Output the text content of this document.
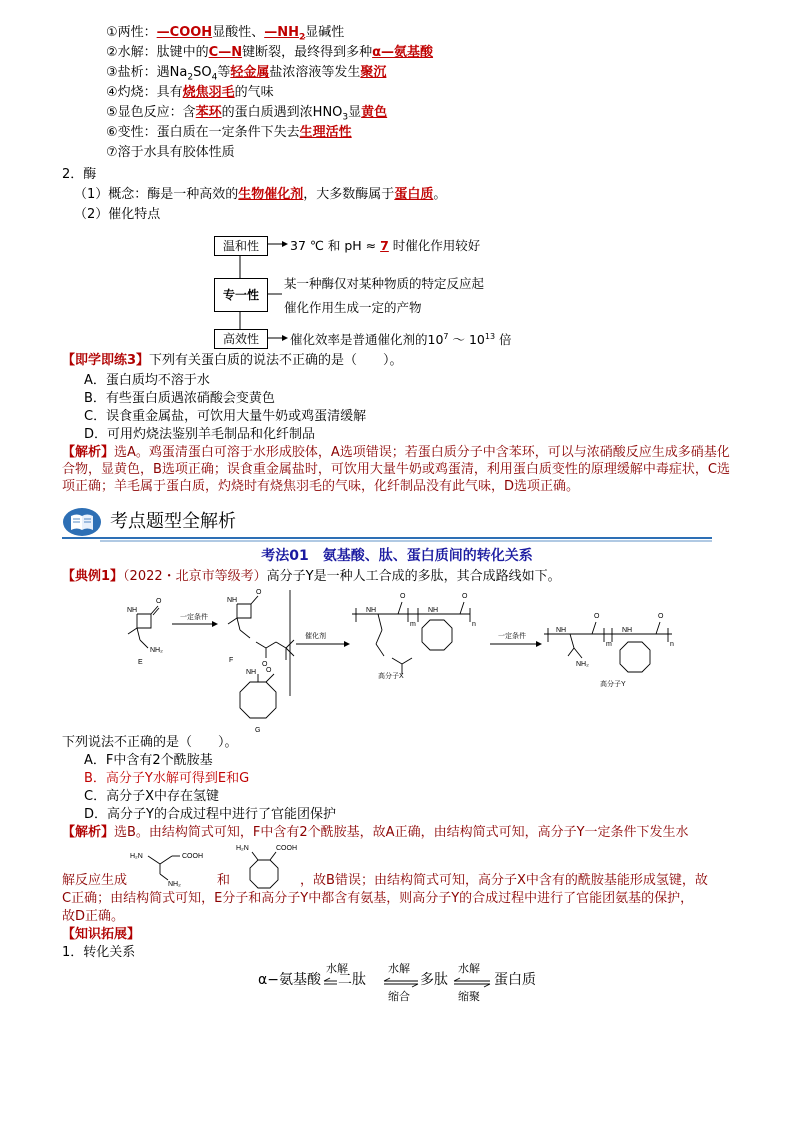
①两性：—COOH显酸性、$—NH_2$显碱性
②水解：肽键中的C—N键断裂，最终得到多种α—氨基酸
③盐析：遇$Na_2SO_4$等轻金属盐浓溶液等发生聚沉
④灼烧：具有烧焦羽毛的气味
⑤显色反应：含苯环的蛋白质遇到浓$HNO_3$显黄色
⑥变性：蛋白质在一定条件下失去生理活性
⑦溶于水具有胶体性质
2．酶
（1）概念：酶是一种高效的生物催化剂，大多数酶属于蛋白质。
（2）催化特点
温和性
专一性
高效性
37 ℃ 和 pH ≈ 7 时催化作用较好
某一种酶仅对某种物质的特定反应起
催化作用生成一定的产物
催化效率是普通催化剂的$10^7$ ～ $10^{13}$ 倍
【即学即练3】下列有关蛋白质的说法不正确的是（　　）。
A．蛋白质均不溶于水
B．有些蛋白质遇浓硝酸会变黄色
C．误食重金属盐，可饮用大量牛奶或鸡蛋清缓解
D．可用灼烧法鉴别羊毛制品和化纤制品
【解析】选A。鸡蛋清蛋白可溶于水形成胶体，A选项错误；若蛋白质分子中含苯环，可以与浓硝酸反应生成多硝基化合物，显黄色，B选项正确；误食重金属盐时，可饮用大量牛奶或鸡蛋清，利用蛋白质变性的原理缓解中毒症状，C选项正确；羊毛属于蛋白质，灼烧时有烧焦羽毛的气味，化纤制品没有此气味，D选项正确。
考点题型全解析
考法01　氨基酸、肽、蛋白质间的转化关系
【典例1】（2022・北京市等级考）高分子Y是一种人工合成的多肽，其合成路线如下。
O
NH
NH₂
E
一定条件
O
NH
O
F
O
NH
G
催化剂
O	O
NH	NH
m	n
高分子X
一定条件
O	O
NH	NH
NH₂
m	n
高分子Y
下列说法不正确的是（　　）。
A．F中含有2个酰胺基
B．高分子Y水解可得到E和G
C．高分子X中存在氢键
D．高分子Y的合成过程中进行了官能团保护
【解析】选B。由结构简式可知，F中含有2个酰胺基，故A正确，由结构简式可知，高分子Y一定条件下发生水
H₂N	COOH
NH₂
H₂N	COOH
解反应生成	和	，故B错误；由结构简式可知，高分子X中含有的酰胺基能形成氢键，故
C正确；由结构简式可知，E分子和高分子Y中都含有氨基，则高分子Y的合成过程中进行了官能团氨基的保护，
故D正确。
【知识拓展】
1．转化关系
α−氨基酸 二肽	多肽	蛋白质
水解	水解
缩合
水解
缩聚
